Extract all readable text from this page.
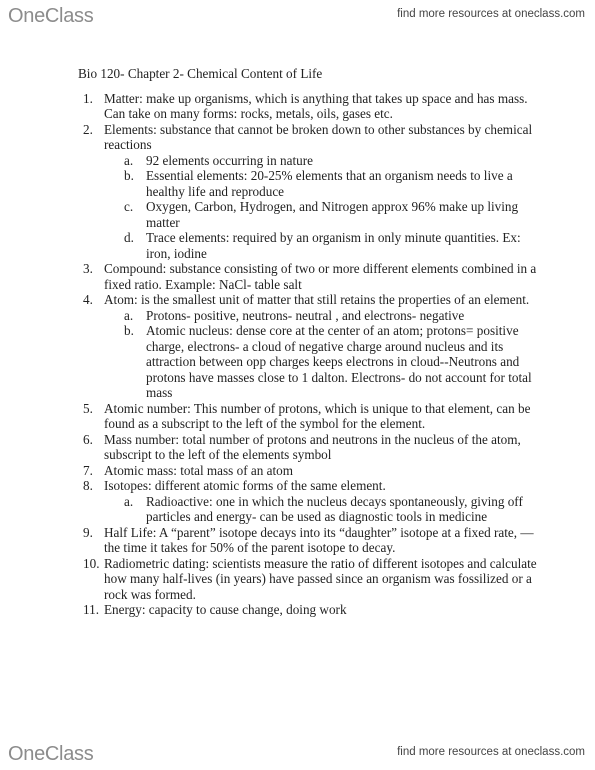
OneClass	find more resources at oneclass.com
Bio 120- Chapter 2- Chemical Content of Life
1. Matter: make up organisms, which is anything that takes up space and has mass. Can take on many forms: rocks, metals, oils, gases etc.
2. Elements: substance that cannot be broken down to other substances by chemical reactions
a. 92 elements occurring in nature
b. Essential elements: 20-25% elements that an organism needs to live a healthy life and reproduce
c. Oxygen, Carbon, Hydrogen, and Nitrogen approx 96% make up living matter
d. Trace elements: required by an organism in only minute quantities. Ex: iron, iodine
3. Compound: substance consisting of two or more different elements combined in a fixed ratio. Example: NaCl- table salt
4. Atom: is the smallest unit of matter that still retains the properties of an element.
a. Protons- positive, neutrons- neutral , and electrons- negative
b. Atomic nucleus: dense core at the center of an atom; protons= positive charge, electrons- a cloud of negative charge around nucleus and its attraction between opp charges keeps electrons in cloud--Neutrons and protons have masses close to 1 dalton. Electrons- do not account for total mass
5. Atomic number: This number of protons, which is unique to that element, can be found as a subscript to the left of the symbol for the element.
6. Mass number: total number of protons and neutrons in the nucleus of the atom, subscript to the left of the elements symbol
7. Atomic mass: total mass of an atom
8. Isotopes: different atomic forms of the same element.
a. Radioactive: one in which the nucleus decays spontaneously, giving off particles and energy- can be used as diagnostic tools in medicine
9. Half Life: A “parent” isotope decays into its “daughter” isotope at a fixed rate, —the time it takes for 50% of the parent isotope to decay.
10. Radiometric dating: scientists measure the ratio of different isotopes and calculate how many half-lives (in years) have passed since an organism was fossilized or a rock was formed.
11. Energy: capacity to cause change, doing work
OneClass	find more resources at oneclass.com
